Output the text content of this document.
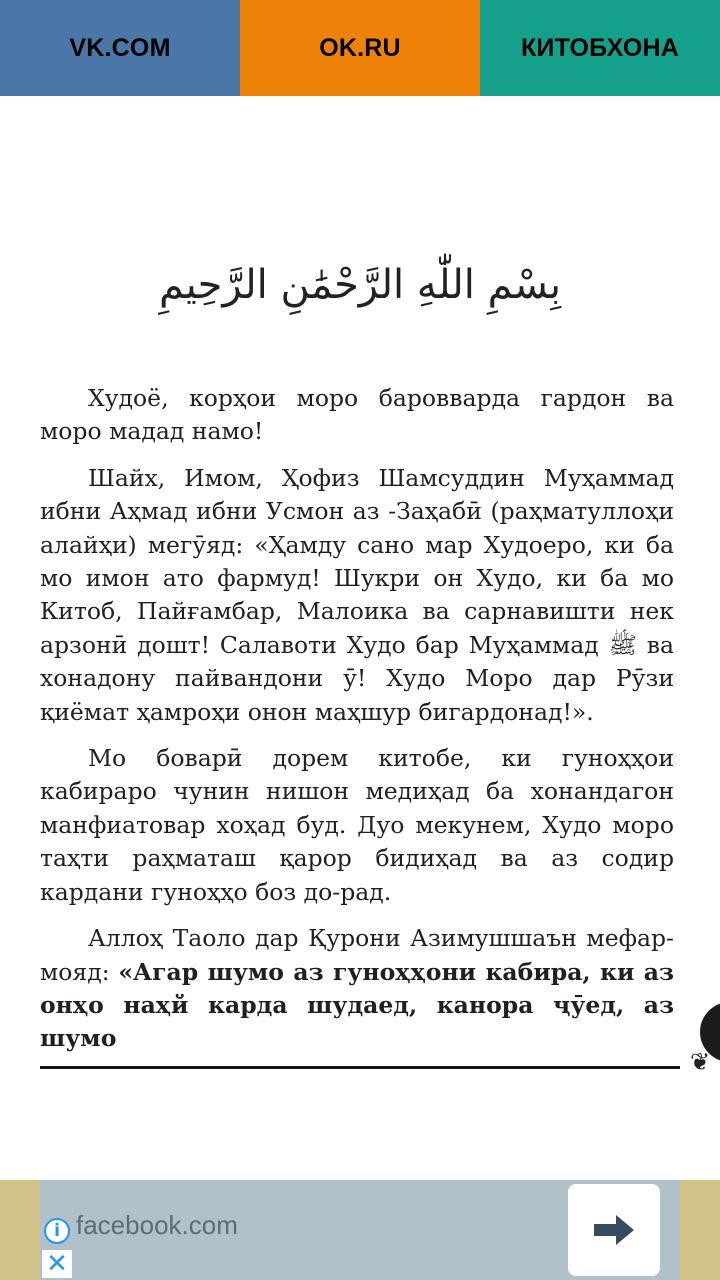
VK.COM	OK.RU	КИТОБХОНА
بِسْمِ اللّٰهِ الرَّحْمَٰنِ الرَّحِيمِ

Худоё, корҳои моро баровварда гардон ва моро мадад намо!

Шайх, Имом, Ҳофиз Шамсуддин Муҳаммад ибни Аҳмад ибни Усмон аз -Заҳабӣ (раҳматуллоҳи алайҳи) мегӯяд: «Ҳамду сано мар Худоеро, ки ба мо имон ато фармуд! Шукри он Худо, ки ба мо Китоб, Пайғамбар, Малоика ва сарнавишти нек арзонӣ дошт! Салавоти Худо бар Муҳаммад ﷺ ва хонадону пайвандони ӯ! Худо Моро дар Рӯзи қиёмат ҳамроҳи онон маҳшур бигардонад!».

Мо боварӣ дорем китобе, ки гуноҳҳои кабирaро чунин нишон медиҳад ба хонандагон манфиатовар хоҳад буд. Дуо мекунем, Худо моро таҳти раҳматаш қарор бидиҳад ва аз содир кардани гуноҳҳо боз до-рад.

Аллоҳ Таоло дар Қурони Азимушшаън мефар-мояд: «Агар шумо аз гуноҳҳони кабира, ки аз онҳо наҳй карда шудаед, канора ҷӯед, аз шумо

❦
i
✕
facebook.com
